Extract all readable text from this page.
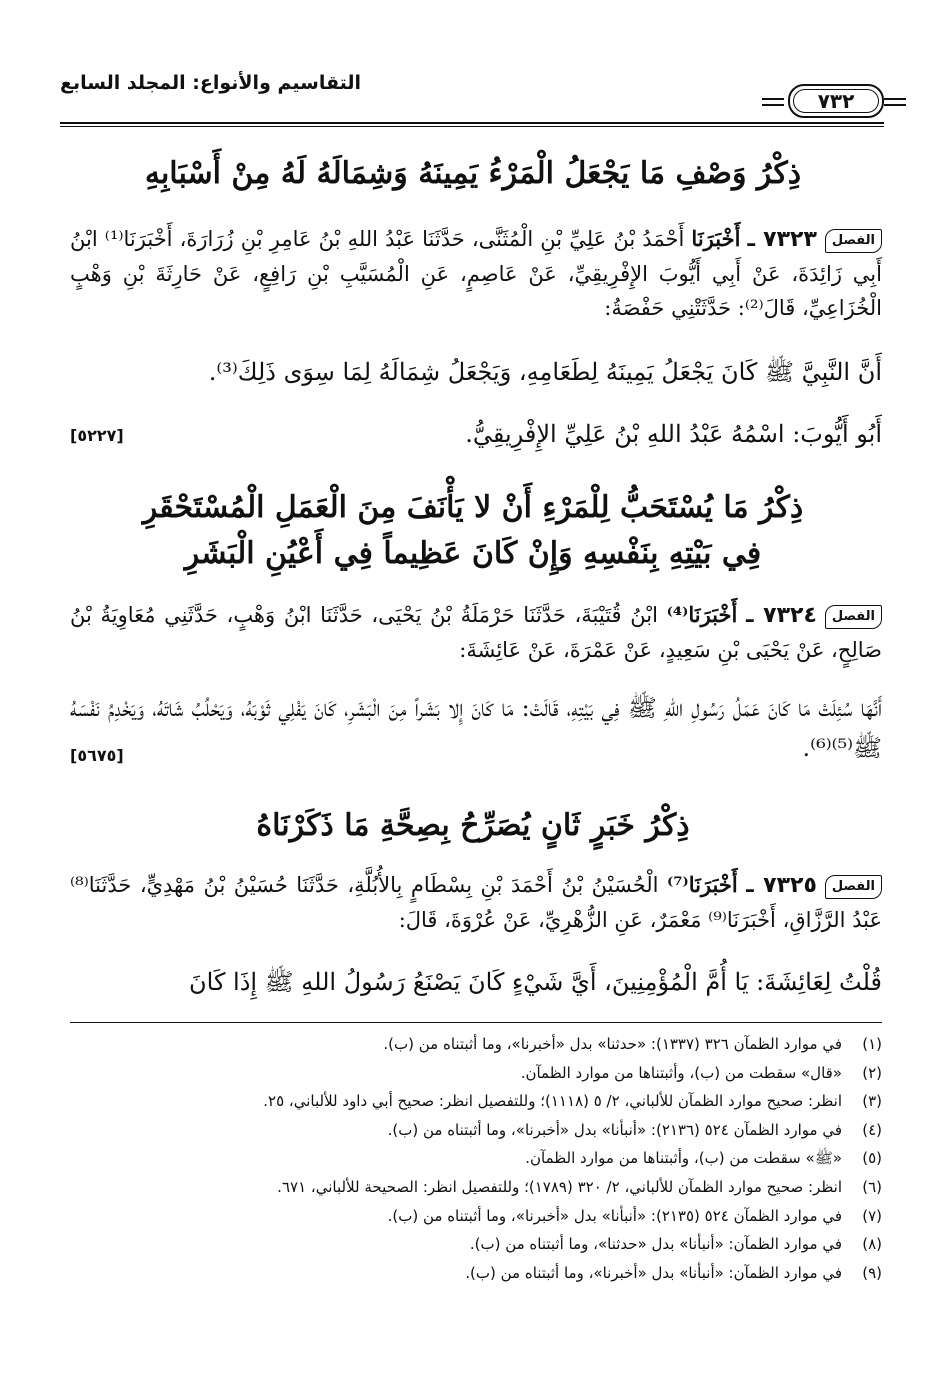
٧٣٢
التقاسيم والأنواع: المجلد السابع
ذِكْرُ وَصْفِ مَا يَجْعَلُ الْمَرْءُ يَمِينَهُ وَشِمَالَهُ لَهُ مِنْ أَسْبَابِهِ
الفصل٧٣٢٣ ـ أَخْبَرَنَا أَحْمَدُ بْنُ عَلِيِّ بْنِ الْمُثَنَّى، حَدَّثَنَا عَبْدُ اللهِ بْنُ عَامِرِ بْنِ زُرَارَةَ، أَخْبَرَنَا⁽¹⁾ ابْنُ أَبِي زَائِدَةَ، عَنْ أَبِي أَيُّوبَ الإِفْرِيقِيِّ، عَنْ عَاصِمٍ، عَنِ الْمُسَيَّبِ بْنِ رَافِعٍ، عَنْ حَارِثَةَ بْنِ وَهْبٍ الْخُزَاعِيِّ، قَالَ⁽²⁾: حَدَّثَتْنِي حَفْصَةُ:
أَنَّ النَّبِيَّ ﷺ كَانَ يَجْعَلُ يَمِينَهُ لِطَعَامِهِ، وَيَجْعَلُ شِمَالَهُ لِمَا سِوَى ذَلِكَ⁽³⁾.
أَبُو أَيُّوبَ: اسْمُهُ عَبْدُ اللهِ بْنُ عَلِيِّ الإِفْرِيقِيُّ.
[٥٢٢٧]
ذِكْرُ مَا يُسْتَحَبُّ لِلْمَرْءِ أَنْ لا يَأْنَفَ مِنَ الْعَمَلِ الْمُسْتَحْقَرِ
فِي بَيْتِهِ بِنَفْسِهِ وَإِنْ كَانَ عَظِيماً فِي أَعْيُنِ الْبَشَرِ
الفصل٧٣٢٤ ـ أَخْبَرَنَا⁽⁴⁾ ابْنُ قُتَيْبَةَ، حَدَّثَنَا حَرْمَلَةُ بْنُ يَحْيَى، حَدَّثَنَا ابْنُ وَهْبٍ، حَدَّثَنِي مُعَاوِيَةُ بْنُ صَالِحٍ، عَنْ يَحْيَى بْنِ سَعِيدٍ، عَنْ عَمْرَةَ، عَنْ عَائِشَةَ:
أَنَّهَا سُئِلَتْ مَا كَانَ عَمَلُ رَسُولِ اللهِ ﷺ فِي بَيْتِهِ، قَالَتْ: مَا كَانَ إِلا بَشَراً مِنَ الْبَشَرِ، كَانَ يَفْلِي ثَوْبَهُ، وَيَحْلُبُ شَاتَهُ، وَيَخْدِمُ نَفْسَهُ ﷺ⁽⁵⁾⁽⁶⁾.
[٥٦٧٥]
ذِكْرُ خَبَرٍ ثَانٍ يُصَرِّحُ بِصِحَّةِ مَا ذَكَرْنَاهُ
الفصل٧٣٢٥ ـ أَخْبَرَنَا⁽⁷⁾ الْحُسَيْنُ بْنُ أَحْمَدَ بْنِ بِسْطَامٍ بِالأُبُلَّةِ، حَدَّثَنَا حُسَيْنُ بْنُ مَهْدِيٍّ، حَدَّثَنَا⁽⁸⁾ عَبْدُ الرَّزَّاقِ، أَخْبَرَنَا⁽⁹⁾ مَعْمَرٌ، عَنِ الزُّهْرِيِّ، عَنْ عُرْوَةَ، قَالَ:
قُلْتُ لِعَائِشَةَ: يَا أُمَّ الْمُؤْمِنِينَ، أَيَّ شَيْءٍ كَانَ يَصْنَعُ رَسُولُ اللهِ ﷺ إِذَا كَانَ
(١)في موارد الظمآن ٣٢٦ (١٣٣٧): «حدثنا» بدل «أخبرنا»، وما أثبتناه من (ب).
(٢)«قال» سقطت من (ب)، وأثبتناها من موارد الظمآن.
(٣)انظر: صحيح موارد الظمآن للألباني، ٢/ ٥ (١١١٨)؛ وللتفصيل انظر: صحيح أبي داود للألباني، ٢٥.
(٤)في موارد الظمآن ٥٢٤ (٢١٣٦): «أنبأنا» بدل «أخبرنا»، وما أثبتناه من (ب).
(٥)«ﷺ» سقطت من (ب)، وأثبتناها من موارد الظمآن.
(٦)انظر: صحيح موارد الظمآن للألباني، ٢/ ٣٢٠ (١٧٨٩)؛ وللتفصيل انظر: الصحيحة للألباني، ٦٧١.
(٧)في موارد الظمآن ٥٢٤ (٢١٣٥): «أنبأنا» بدل «أخبرنا»، وما أثبتناه من (ب).
(٨)في موارد الظمآن: «أنبأنا» بدل «حدثنا»، وما أثبتناه من (ب).
(٩)في موارد الظمآن: «أنبأنا» بدل «أخبرنا»، وما أثبتناه من (ب).
